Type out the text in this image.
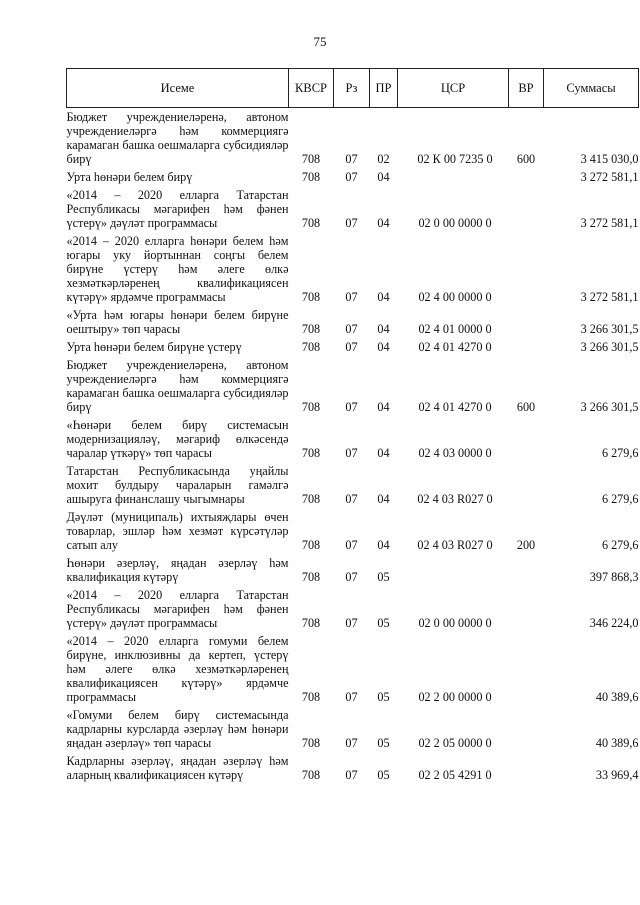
75
Исеме	КВСР	Рз	ПР	ЦСР	ВР	Суммасы
Бюджет учреждениеләренә, автоном учреждениеләргә һәм коммерциягә карамаган башка оешмаларга субсидияләр бирү	708	07	02	02 К 00 7235 0	600	3 415 030,0
Урта һөнәри белем бирү	708	07	04			3 272 581,1
«2014 – 2020 елларга Татарстан Республикасы мәгарифен һәм фәнен үстерү» дәүләт программасы	708	07	04	02 0 00 0000 0		3 272 581,1
«2014 – 2020 елларга һөнәри белем һәм югары уку йортыннан соңгы белем бирүне үстерү һәм әлеге өлкә хезмәткәрләренең квалификациясен күтәрү» ярдәмче программасы	708	07	04	02 4 00 0000 0		3 272 581,1
«Урта һәм югары һөнәри белем бирүне оештыру» төп чарасы	708	07	04	02 4 01 0000 0		3 266 301,5
Урта һөнәри белем бирүне үстерү	708	07	04	02 4 01 4270 0		3 266 301,5
Бюджет учреждениеләренә, автоном учреждениеләргә һәм коммерциягә карамаган башка оешмаларга субсидияләр бирү	708	07	04	02 4 01 4270 0	600	3 266 301,5
«Һөнәри белем бирү системасын модернизацияләү, мәгариф өлкәсендә чаралар үткәрү» төп чарасы	708	07	04	02 4 03 0000 0		6 279,6
Татарстан Республикасында уңайлы мохит булдыру чараларын гамәлгә ашыруга финанслашу чыгымнары	708	07	04	02 4 03 R027 0		6 279,6
Дәүләт (муниципаль) ихтыяҗлары өчен товарлар, эшләр һәм хезмәт күрсәтүләр сатып алу	708	07	04	02 4 03 R027 0	200	6 279,6
Һөнәри әзерләү, яңадан әзерләү һәм квалификация күтәрү	708	07	05			397 868,3
«2014 – 2020 елларга Татарстан Республикасы мәгарифен һәм фәнен үстерү» дәүләт программасы	708	07	05	02 0 00 0000 0		346 224,0
«2014 – 2020 елларга гомуми белем бирүне, инклюзивны да кертеп, үстерү һәм әлеге өлкә хезмәткәрләренең квалификациясен күтәрү» ярдәмче программасы	708	07	05	02 2 00 0000 0		40 389,6
«Гомуми белем бирү системасында кадрларны курсларда әзерләү һәм һөнәри яңадан әзерләү» төп чарасы	708	07	05	02 2 05 0000 0		40 389,6
Кадрларны әзерләү, яңадан әзерләү һәм аларның квалификациясен күтәрү	708	07	05	02 2 05 4291 0		33 969,4
